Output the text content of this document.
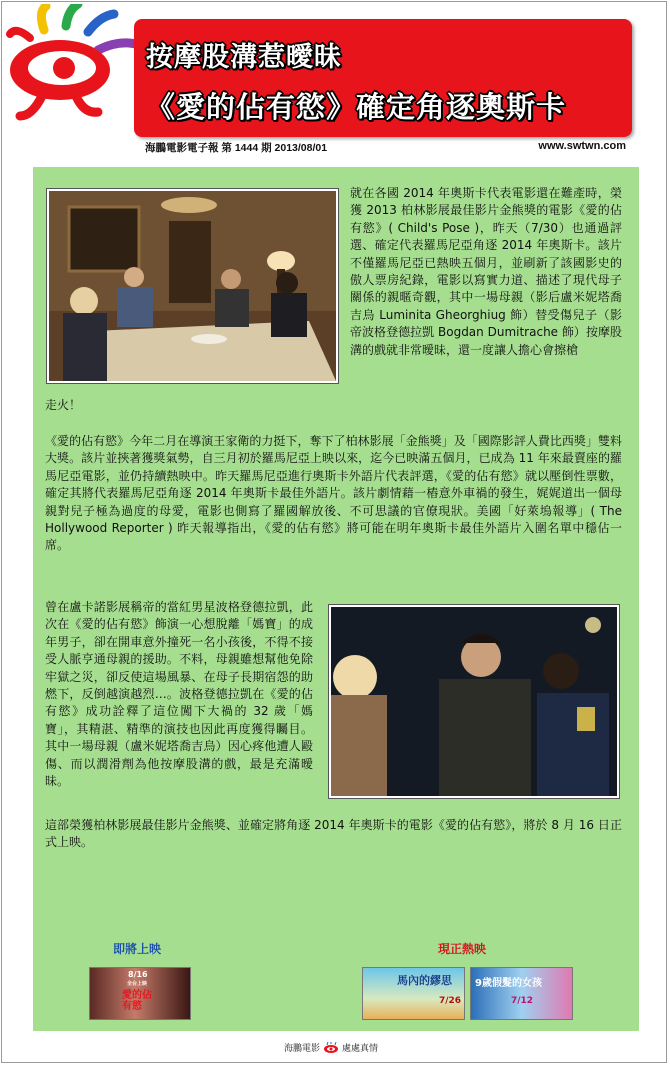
按摩股溝惹曖昧
《愛的佔有慾》確定角逐奧斯卡
海鵬電影電子報 第 1444 期 2013/08/01	www.swtwn.com
就在各國 2014 年奧斯卡代表電影還在難產時，榮獲 2013 柏林影展最佳影片金熊獎的電影《愛的佔有慾》( Child's Pose )，昨天（7/30）也通過評選、確定代表羅馬尼亞角逐 2014 年奧斯卡。該片不僅羅馬尼亞已熱映五個月，並刷新了該國影史的傲人票房紀錄，電影以寫實力道、描述了現代母子關係的親暱奇觀，其中一場母親（影后盧米妮塔喬吉烏 Luminita Gheorghiug 飾）替受傷兒子（影帝波格登德拉凱 Bogdan Dumitrache 飾）按摩股溝的戲就非常曖昧，還一度讓人擔心會擦槍
走火！
《愛的佔有慾》今年二月在導演王家衛的力挺下，奪下了柏林影展「金熊獎」及「國際影評人費比西獎」雙料大獎。該片並挾著獲獎氣勢，自三月初於羅馬尼亞上映以來，迄今已映滿五個月，已成為 11 年來最賣座的羅馬尼亞電影，並仍持續熱映中。昨天羅馬尼亞進行奧斯卡外語片代表評選，《愛的佔有慾》就以壓倒性票數，確定其將代表羅馬尼亞角逐 2014 年奧斯卡最佳外語片。該片劇情藉一樁意外車禍的發生，娓娓道出一個母親對兒子極為過度的母愛，電影也側寫了羅國解放後、不可思議的官僚現狀。美國「好萊塢報導」( The Hollywood Reporter ) 昨天報導指出，《愛的佔有慾》將可能在明年奧斯卡最佳外語片入圍名單中穩佔一席。
曾在盧卡諾影展稱帝的當紅男星波格登德拉凱，此次在《愛的佔有慾》飾演一心想脫離「媽寶」的成年男子，卻在開車意外撞死一名小孩後，不得不接受人脈亨通母親的援助。不料，母親雖想幫他免除牢獄之災，卻反使這場風暴、在母子長期宿怨的助燃下，反倒越演越烈…。波格登德拉凱在《愛的佔有慾》成功詮釋了這位闖下大禍的 32 歲「媽寶」，其精湛、精準的演技也因此再度獲得矚目。其中一場母親（盧米妮塔喬吉烏）因心疼他遭人毆傷、而以潤滑劑為他按摩股溝的戲，最是充滿曖昧。
這部榮獲柏林影展最佳影片金熊獎、並確定將角逐 2014 年奧斯卡的電影《愛的佔有慾》，將於 8 月 16 日正式上映。
即將上映	現正熱映
8/16
全台上映
愛的佔有慾
馬內的繆思
7/26
9歲假髮的女孩
7/12
海鵬電影 處處真情
